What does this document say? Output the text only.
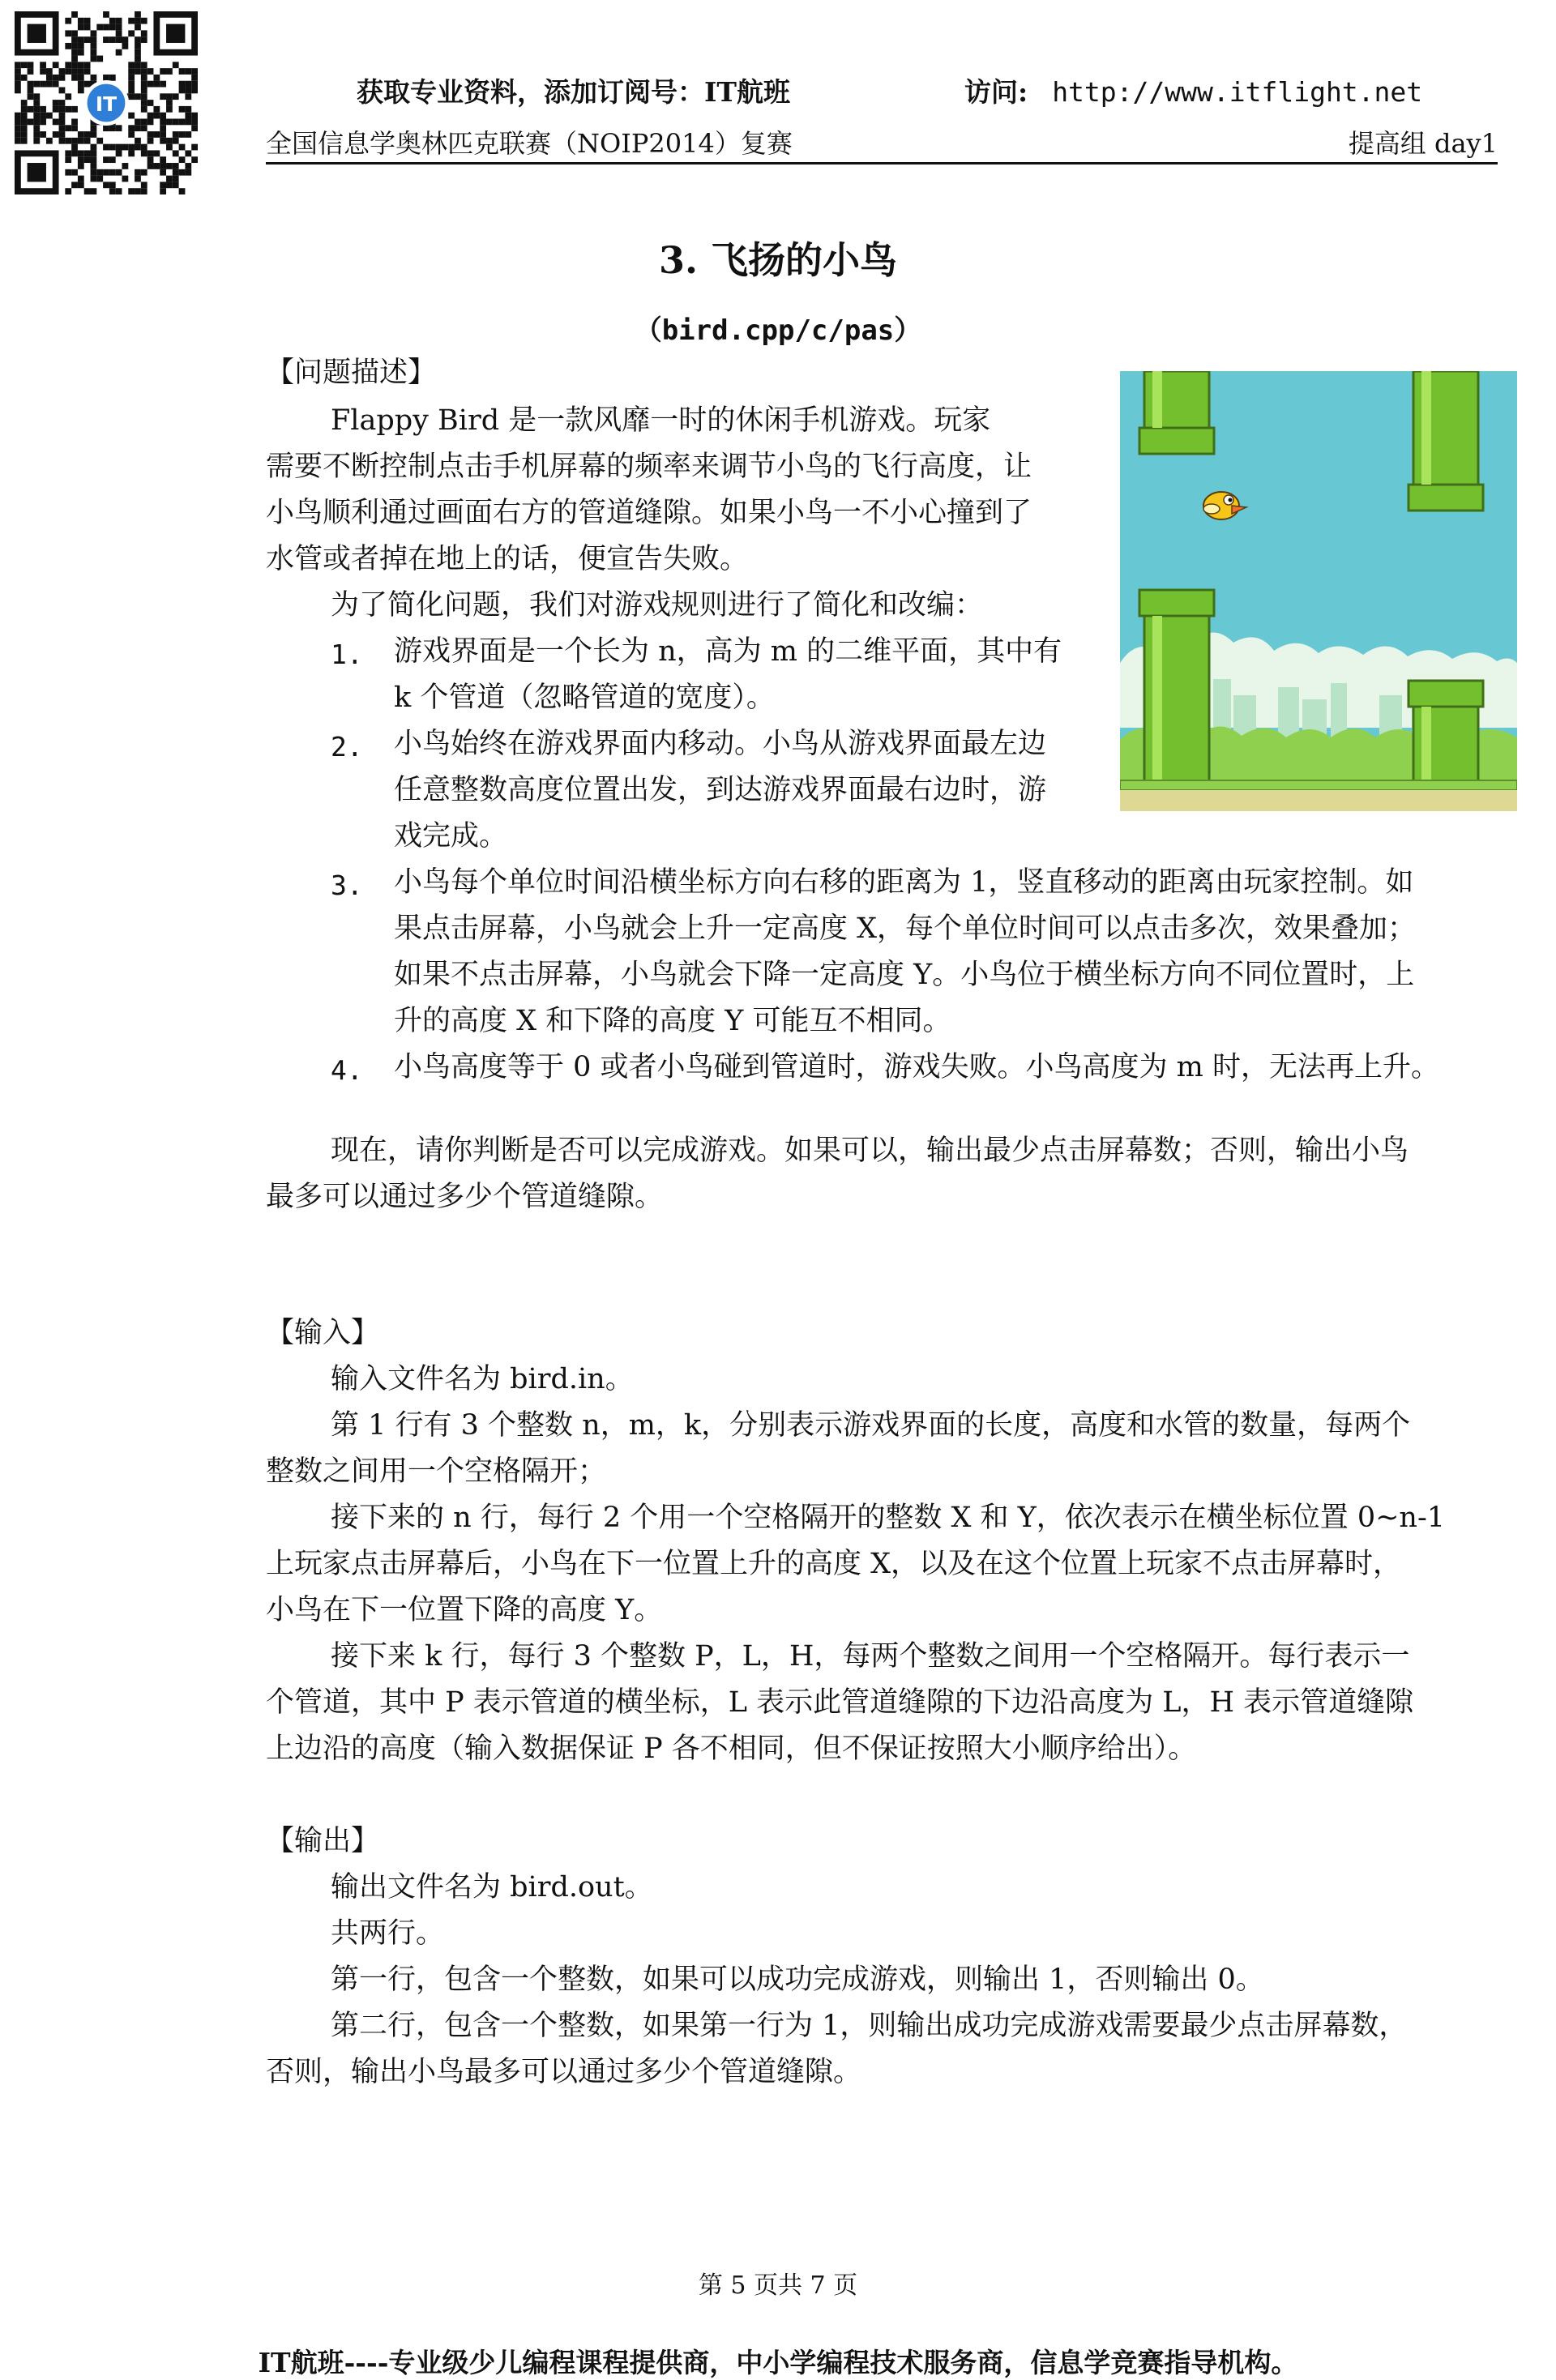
IT	获取专业资料，添加订阅号：IT航班	访问: http://www.itflight.net
全国信息学奥林匹克联赛（NOIP2014）复赛	提高组 day1
3. 飞扬的小鸟
（bird.cpp/c/pas）
【问题描述】
Flappy Bird 是一款风靡一时的休闲手机游戏。玩家
需要不断控制点击手机屏幕的频率来调节小鸟的飞行高度，让
小鸟顺利通过画面右方的管道缝隙。如果小鸟一不小心撞到了
水管或者掉在地上的话，便宣告失败。
为了简化问题，我们对游戏规则进行了简化和改编：
1. 游戏界面是一个长为 n，高为 m 的二维平面，其中有
k 个管道（忽略管道的宽度）。
2. 小鸟始终在游戏界面内移动。小鸟从游戏界面最左边
任意整数高度位置出发，到达游戏界面最右边时，游
戏完成。
3. 小鸟每个单位时间沿横坐标方向右移的距离为 1，竖直移动的距离由玩家控制。如
果点击屏幕，小鸟就会上升一定高度 X，每个单位时间可以点击多次，效果叠加；
如果不点击屏幕，小鸟就会下降一定高度 Y。小鸟位于横坐标方向不同位置时，上
升的高度 X 和下降的高度 Y 可能互不相同。
4. 小鸟高度等于 0 或者小鸟碰到管道时，游戏失败。小鸟高度为 m 时，无法再上升。
现在，请你判断是否可以完成游戏。如果可以，输出最少点击屏幕数；否则，输出小鸟
最多可以通过多少个管道缝隙。
【输入】
输入文件名为 bird.in。
第 1 行有 3 个整数 n，m，k，分别表示游戏界面的长度，高度和水管的数量，每两个
整数之间用一个空格隔开；
接下来的 n 行，每行 2 个用一个空格隔开的整数 X 和 Y，依次表示在横坐标位置 0~n-1
上玩家点击屏幕后，小鸟在下一位置上升的高度 X，以及在这个位置上玩家不点击屏幕时，
小鸟在下一位置下降的高度 Y。
接下来 k 行，每行 3 个整数 P，L，H，每两个整数之间用一个空格隔开。每行表示一
个管道，其中 P 表示管道的横坐标，L 表示此管道缝隙的下边沿高度为 L，H 表示管道缝隙
上边沿的高度（输入数据保证 P 各不相同，但不保证按照大小顺序给出）。
【输出】
输出文件名为 bird.out。
共两行。
第一行，包含一个整数，如果可以成功完成游戏，则输出 1，否则输出 0。
第二行，包含一个整数，如果第一行为 1，则输出成功完成游戏需要最少点击屏幕数，
否则，输出小鸟最多可以通过多少个管道缝隙。
第 5 页共 7 页
IT航班----专业级少儿编程课程提供商，中小学编程技术服务商，信息学竞赛指导机构。
